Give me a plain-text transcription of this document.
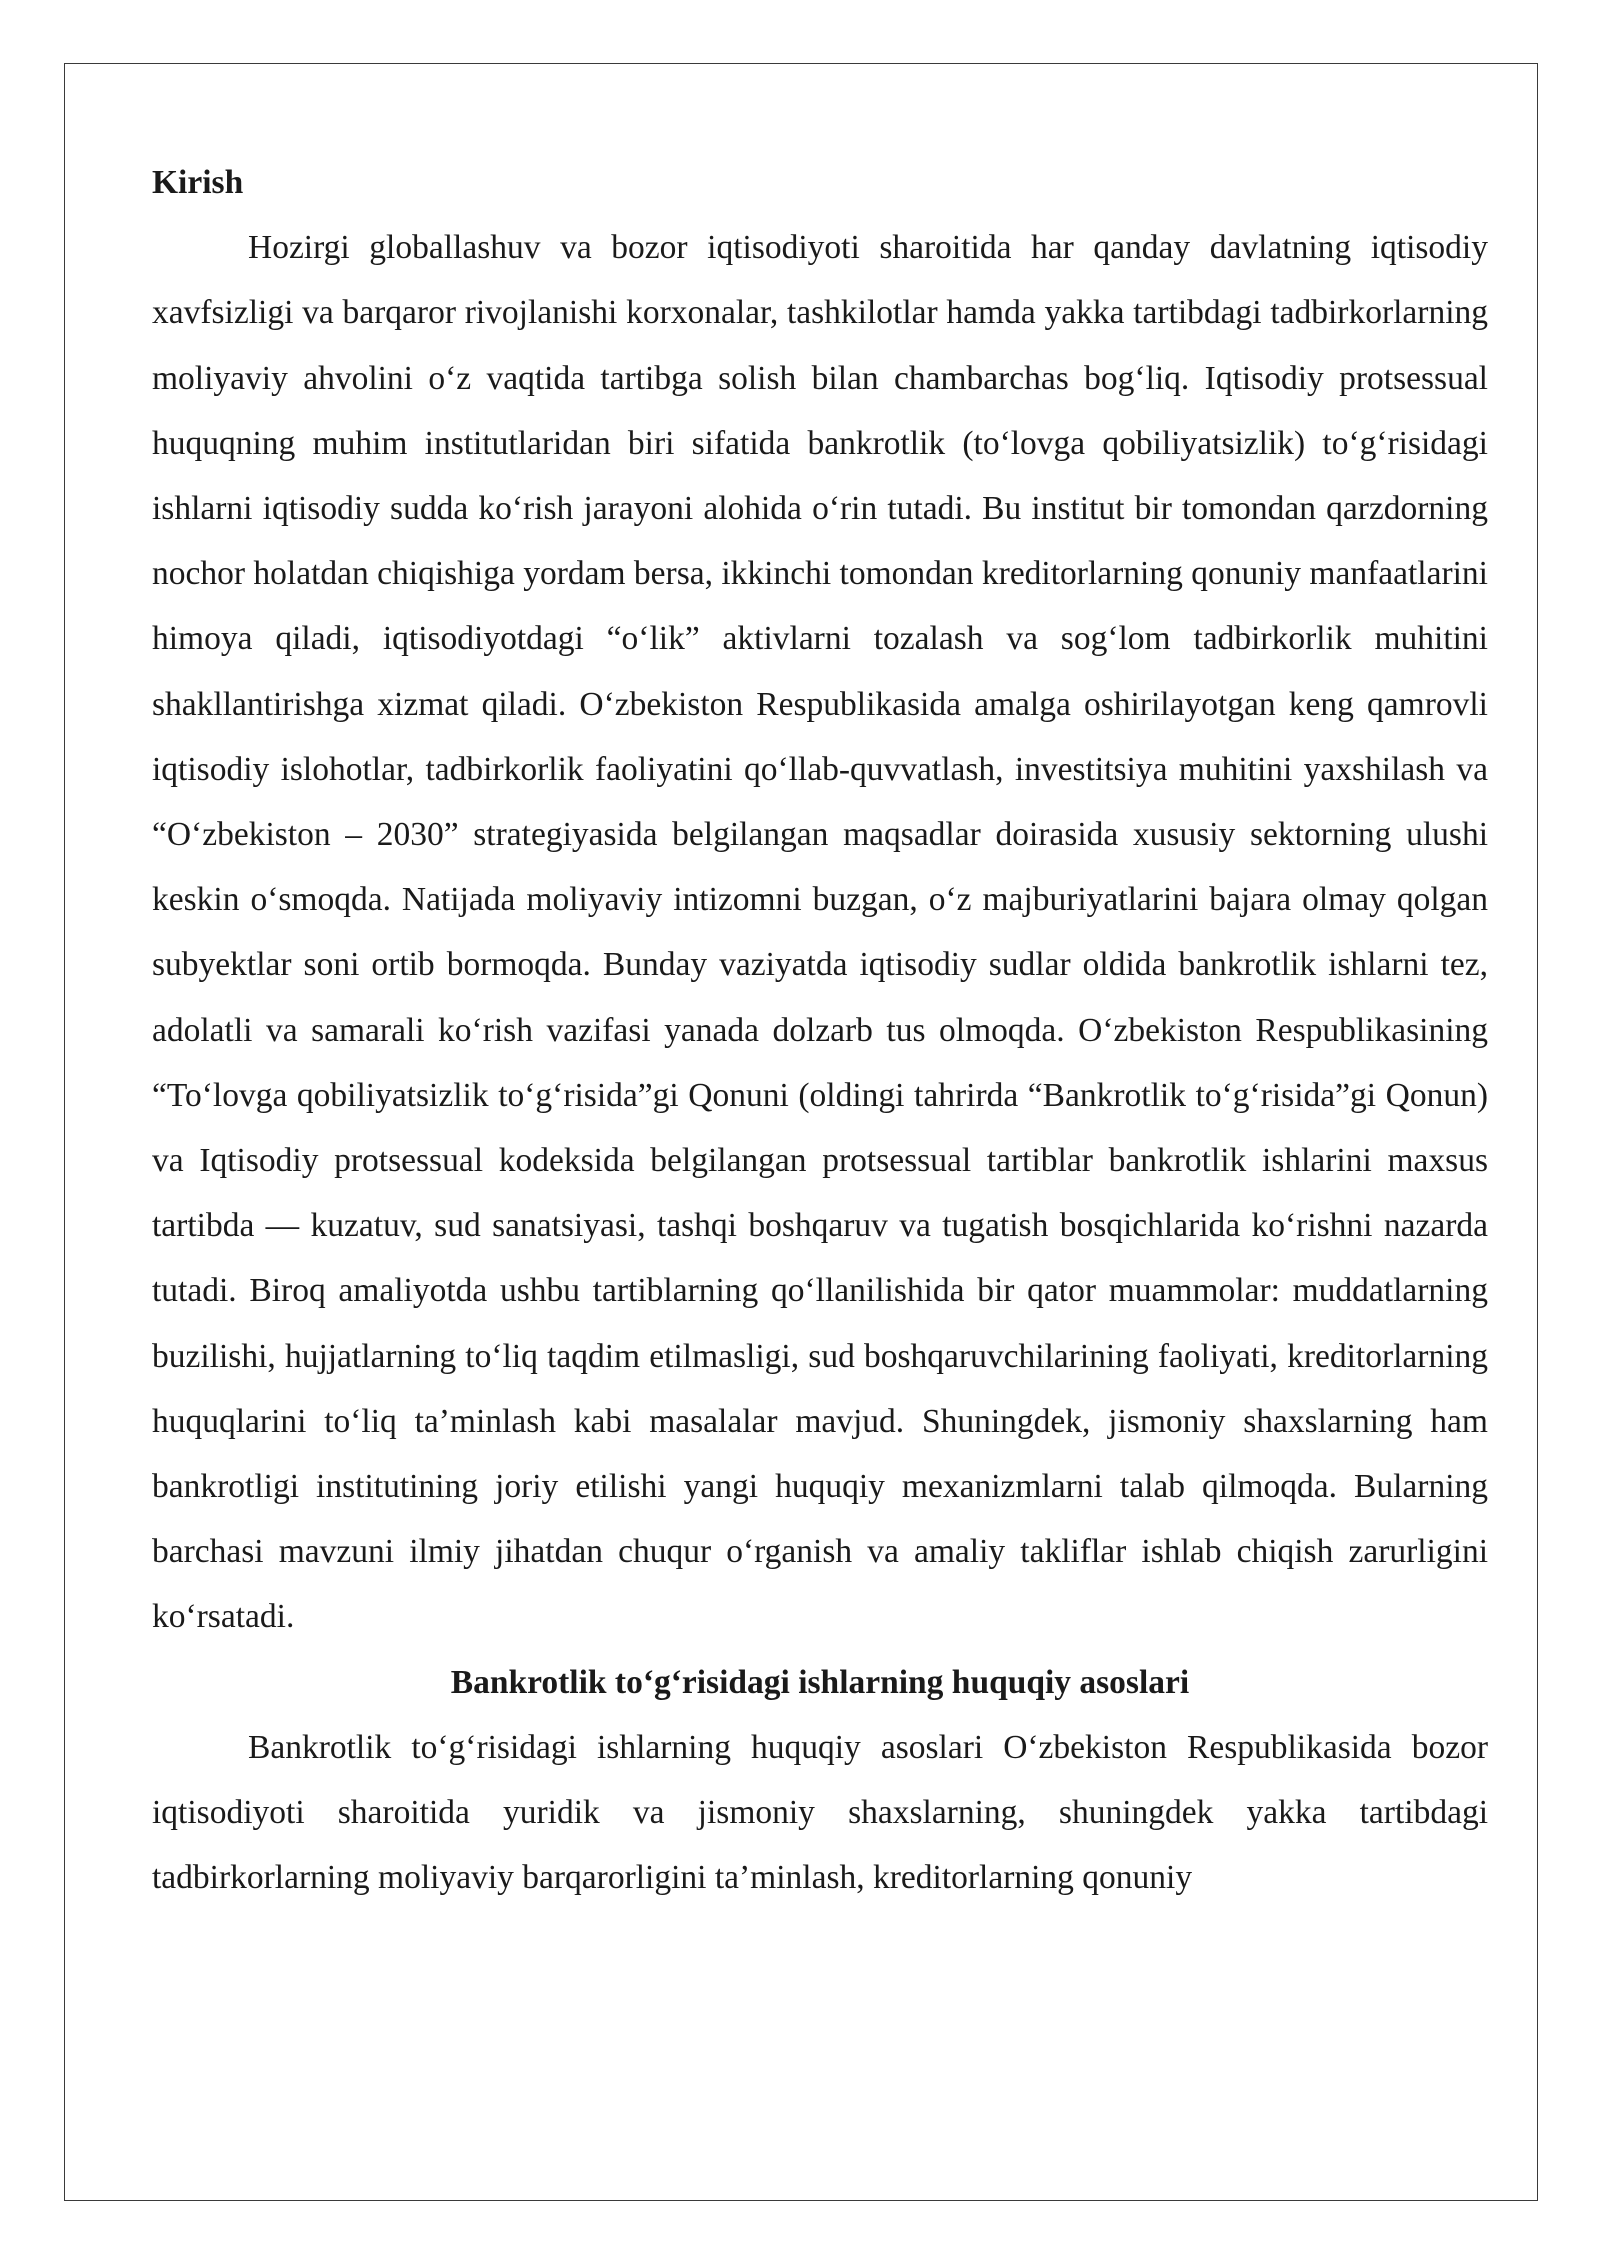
Kirish

Hozirgi globallashuv va bozor iqtisodiyoti sharoitida har qanday davlatning iqtisodiy xavfsizligi va barqaror rivojlanishi korxonalar, tashkilotlar hamda yakka tartibdagi tadbirkorlarning moliyaviy ahvolini o‘z vaqtida tartibga solish bilan chambarchas bog‘liq. Iqtisodiy protsessual huquqning muhim institutlaridan biri sifatida bankrotlik (to‘lovga qobiliyatsizlik) to‘g‘risidagi ishlarni iqtisodiy sudda ko‘rish jarayoni alohida o‘rin tutadi. Bu institut bir tomondan qarzdorning nochor holatdan chiqishiga yordam bersa, ikkinchi tomondan kreditorlarning qonuniy manfaatlarini himoya qiladi, iqtisodiyotdagi “o‘lik” aktivlarni tozalash va sog‘lom tadbirkorlik muhitini shakllantirishga xizmat qiladi. O‘zbekiston Respublikasida amalga oshirilayotgan keng qamrovli iqtisodiy islohotlar, tadbirkorlik faoliyatini qo‘llab-quvvatlash, investitsiya muhitini yaxshilash va “O‘zbekiston – 2030” strategiyasida belgilangan maqsadlar doirasida xususiy sektorning ulushi keskin o‘smoqda. Natijada moliyaviy intizomni buzgan, o‘z majburiyatlarini bajara olmay qolgan subyektlar soni ortib bormoqda. Bunday vaziyatda iqtisodiy sudlar oldida bankrotlik ishlarni tez, adolatli va samarali ko‘rish vazifasi yanada dolzarb tus olmoqda. O‘zbekiston Respublikasining “To‘lovga qobiliyatsizlik to‘g‘risida”gi Qonuni (oldingi tahrirda “Bankrotlik to‘g‘risida”gi Qonun) va Iqtisodiy protsessual kodeksida belgilangan protsessual tartiblar bankrotlik ishlarini maxsus tartibda — kuzatuv, sud sanatsiyasi, tashqi boshqaruv va tugatish bosqichlarida ko‘rishni nazarda tutadi. Biroq amaliyotda ushbu tartiblarning qo‘llanilishida bir qator muammolar: muddatlarning buzilishi, hujjatlarning to‘liq taqdim etilmasligi, sud boshqaruvchilarining faoliyati, kreditorlarning huquqlarini to‘liq ta’minlash kabi masalalar mavjud. Shuningdek, jismoniy shaxslarning ham bankrotligi institutining joriy etilishi yangi huquqiy mexanizmlarni talab qilmoqda. Bularning barchasi mavzuni ilmiy jihatdan chuqur o‘rganish va amaliy takliflar ishlab chiqish zarurligini ko‘rsatadi.

Bankrotlik to‘g‘risidagi ishlarning huquqiy asoslari

Bankrotlik to‘g‘risidagi ishlarning huquqiy asoslari O‘zbekiston Respublikasida bozor iqtisodiyoti sharoitida yuridik va jismoniy shaxslarning, shuningdek yakka tartibdagi tadbirkorlarning moliyaviy barqarorligini ta’minlash, kreditorlarning qonuniy
